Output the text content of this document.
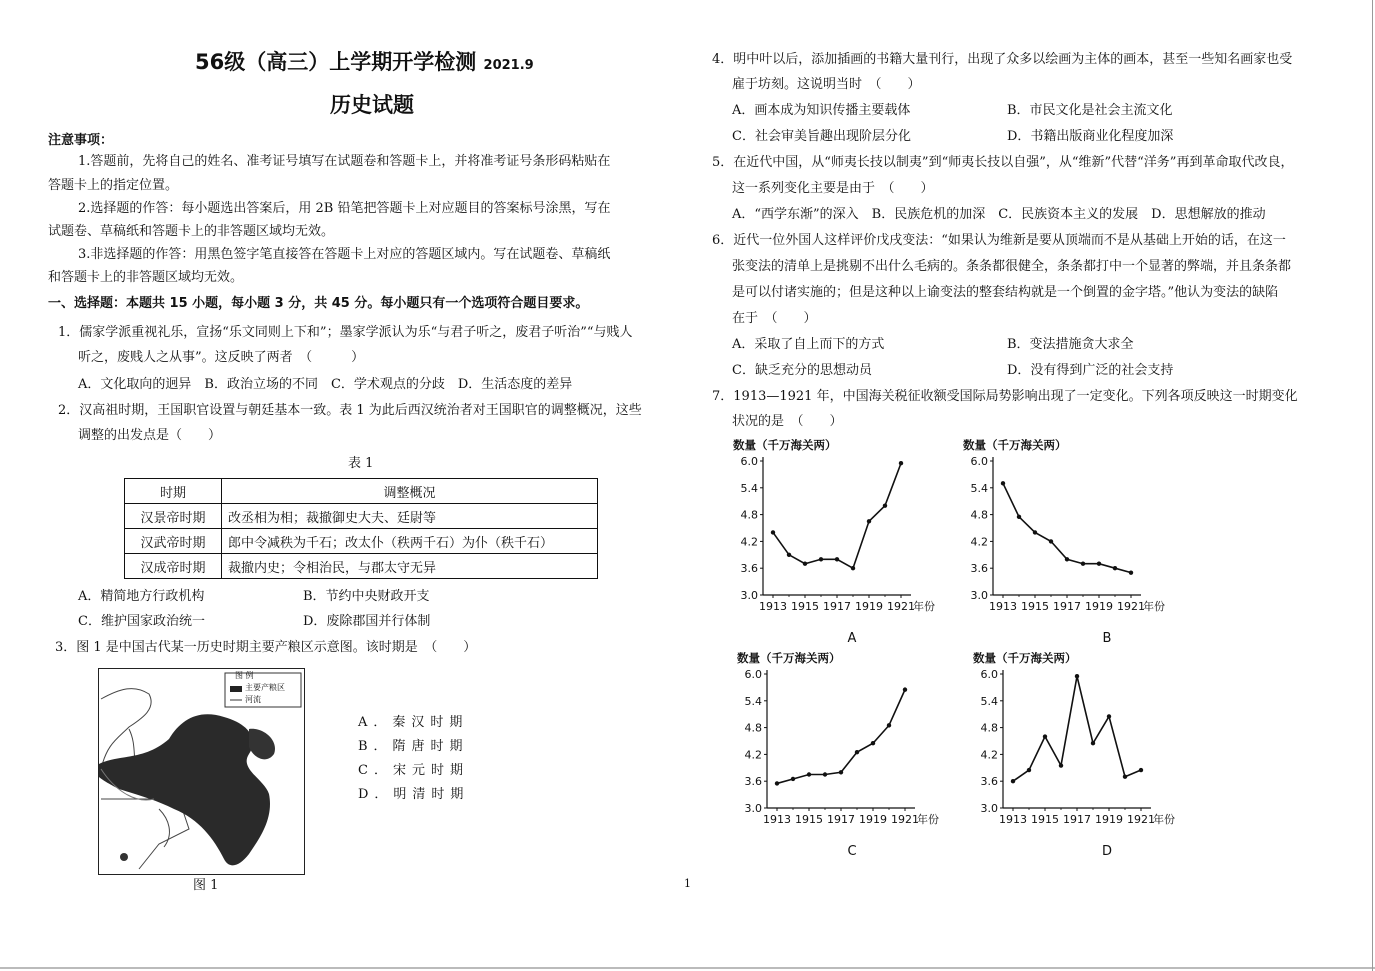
56级（高三）上学期开学检测 2021.9
历史试题
注意事项：
1.答题前，先将自己的姓名、准考证号填写在试题卷和答题卡上，并将准考证号条形码粘贴在
答题卡上的指定位置。
2.选择题的作答：每小题选出答案后，用 2B 铅笔把答题卡上对应题目的答案标号涂黑，写在
试题卷、草稿纸和答题卡上的非答题区域均无效。
3.非选择题的作答：用黑色签字笔直接答在答题卡上对应的答题区域内。写在试题卷、草稿纸
和答题卡上的非答题区域均无效。
一、选择题：本题共 15 小题，每小题 3 分，共 45 分。每小题只有一个选项符合题目要求。
1．儒家学派重视礼乐，宣扬“乐文同则上下和”；墨家学派认为乐“与君子听之，废君子听治”“与贱人
听之，废贱人之从事”。这反映了两者　（　　　）
A．文化取向的迥异　B．政治立场的不同　C．学术观点的分歧　D．生活态度的差异
2．汉高祖时期，王国职官设置与朝廷基本一致。表 1 为此后西汉统治者对王国职官的调整概况，这些
调整的出发点是（　　）
表 1
时期	调整概况
汉景帝时期	改丞相为相；裁撤御史大夫、廷尉等
汉武帝时期	郎中令减秩为千石；改太仆（秩两千石）为仆（秩千石）
汉成帝时期	裁撤内史；令相治民，与郡太守无异
A．精简地方行政机构	B．节约中央财政开支
C．维护国家政治统一	D．废除郡国并行体制
3．图 1 是中国古代某一历史时期主要产粮区示意图。该时期是　（　　）
图 例
主要产粮区
河流
图 1
A．秦汉时期
B．隋唐时期
C．宋元时期
D．明清时期
1
4．明中叶以后，添加插画的书籍大量刊行，出现了众多以绘画为主体的画本，甚至一些知名画家也受
雇于坊刻。这说明当时　（　　）
A．画本成为知识传播主要载体	B．市民文化是社会主流文化
C．社会审美旨趣出现阶层分化	D．书籍出版商业化程度加深
5．在近代中国，从“师夷长技以制夷”到“师夷长技以自强”，从“维新”代替“洋务”再到革命取代改良，
这一系列变化主要是由于　（　　）
A．“西学东渐”的深入　B．民族危机的加深　C．民族资本主义的发展　D．思想解放的推动
6．近代一位外国人这样评价戊戌变法：“如果认为维新是要从顶端而不是从基础上开始的话，在这一
张变法的清单上是挑剔不出什么毛病的。条条都很健全，条条都打中一个显著的弊端，并且条条都
是可以付诸实施的；但是这种以上谕变法的整套结构就是一个倒置的金字塔。”他认为变法的缺陷
在于　（　　）
A．采取了自上而下的方式	B．变法措施贪大求全
C．缺乏充分的思想动员	D．没有得到广泛的社会支持
7．1913—1921 年，中国海关税征收额受国际局势影响出现了一定变化。下列各项反映这一时期变化
状况的是　（　　）
6.0
5.4
4.8
4.2
3.6
3.0
1913 1915 1917 1919 1921
数量（千万海关两）
年份
A
6.0
5.4
4.8
4.2
3.6
3.0
1913 1915 1917 1919 1921
数量（千万海关两）
年份
B
6.0
5.4
4.8
4.2
3.6
3.0
1913 1915 1917 1919 1921
数量（千万海关两）
年份
C
6.0
5.4
4.8
4.2
3.6
3.0
1913 1915 1917 1919 1921
数量（千万海关两）
年份
D
